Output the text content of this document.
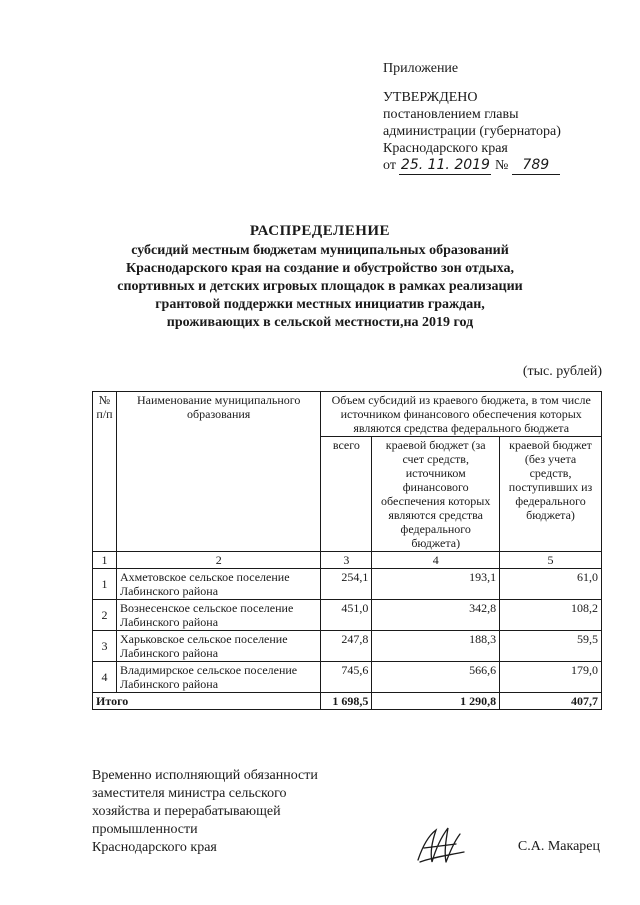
Приложение
УТВЕРЖДЕНО
постановлением главы
администрации (губернатора)
Краснодарского края
от 25. 11. 2019 № 789
РАСПРЕДЕЛЕНИЕ
субсидий местным бюджетам муниципальных образований
Краснодарского края на создание и обустройство зон отдыха,
спортивных и детских игровых площадок в рамках реализации
грантовой поддержки местных инициатив граждан,
проживающих в сельской местности,на 2019 год
(тыс. рублей)
№ п/п	Наименование муниципального образования	Объем субсидий из краевого бюджета, в том числе источником финансового обеспечения которых являются средства федерального бюджета		
		всего	краевой бюджет (за счет средств, источником финансового обеспечения которых являются средства федерального бюджета)	краевой бюджет (без учета средств, поступивших из федерального бюджета)
1	2	3	4	5
1	Ахметовское сельское поселение Лабинского района	254,1	193,1	61,0
2	Вознесенское сельское поселение Лабинского района	451,0	342,8	108,2
3	Харьковское сельское поселение Лабинского района	247,8	188,3	59,5
4	Владимирское сельское поселение Лабинского района	745,6	566,6	179,0
Итого		1 698,5	1 290,8	407,7
Временно исполняющий обязанности
заместителя министра сельского
хозяйства и перерабатывающей
промышленности
Краснодарского края	С.А. Макарец
